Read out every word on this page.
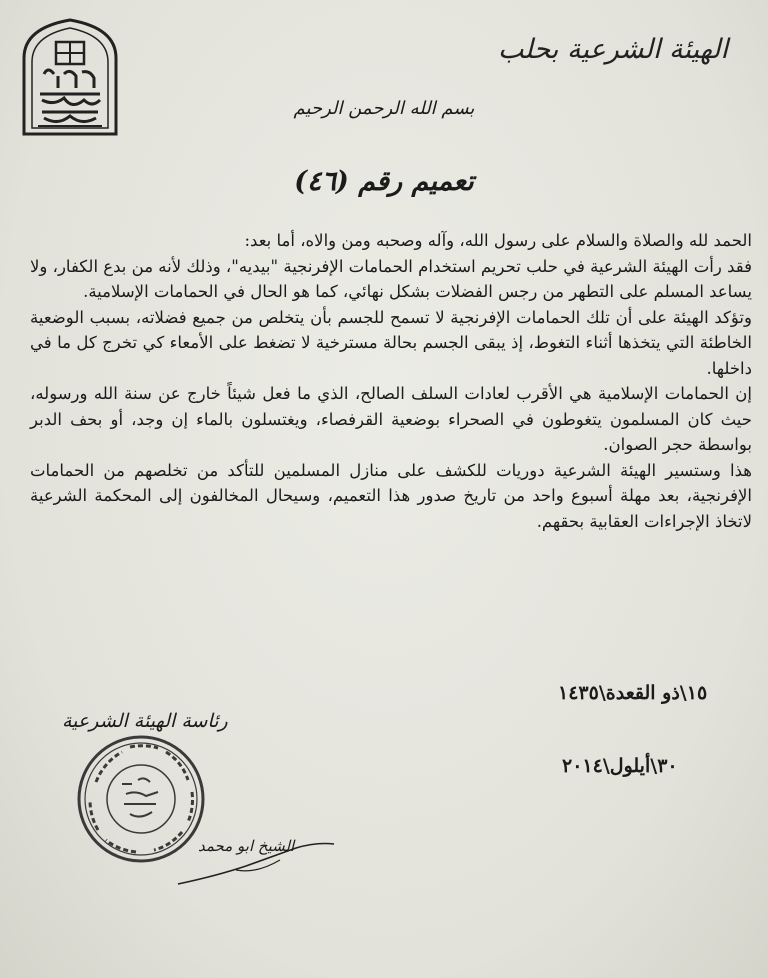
الهيئة الشرعية بحلب
بسم الله الرحمن الرحيم
تعميم رقم (٤٦)

الحمد لله والصلاة والسلام على رسول الله، وآله وصحبه ومن والاه، أما بعد:

فقد رأت الهيئة الشرعية في حلب تحريم استخدام الحمامات الإفرنجية "بيديه"، وذلك لأنه من بدع الكفار، ولا يساعد المسلم على التطهر من رجس الفضلات بشكل نهائي، كما هو الحال في الحمامات الإسلامية.

وتؤكد الهيئة على أن تلك الحمامات الإفرنجية لا تسمح للجسم بأن يتخلص من جميع فضلاته، بسبب الوضعية الخاطئة التي يتخذها أثناء التغوط، إذ يبقى الجسم بحالة مسترخية لا تضغط على الأمعاء كي تخرج كل ما في داخلها.

إن الحمامات الإسلامية هي الأقرب لعادات السلف الصالح، الذي ما فعل شيئاً خارج عن سنة الله ورسوله، حيث كان المسلمون يتغوطون في الصحراء بوضعية القرفصاء، ويغتسلون بالماء إن وجد، أو بحف الدبر بواسطة حجر الصوان.

هذا وستسير الهيئة الشرعية دوريات للكشف على منازل المسلمين للتأكد من تخلصهم من الحمامات الإفرنجية، بعد مهلة أسبوع واحد من تاريخ صدور هذا التعميم، وسيحال المخالفون إلى المحكمة الشرعية لاتخاذ الإجراءات العقابية بحقهم.

١٥\ذو القعدة\١٤٣٥
٣٠\أيلول\٢٠١٤
رئاسة الهيئة الشرعية
الشيخ ابو محمد
